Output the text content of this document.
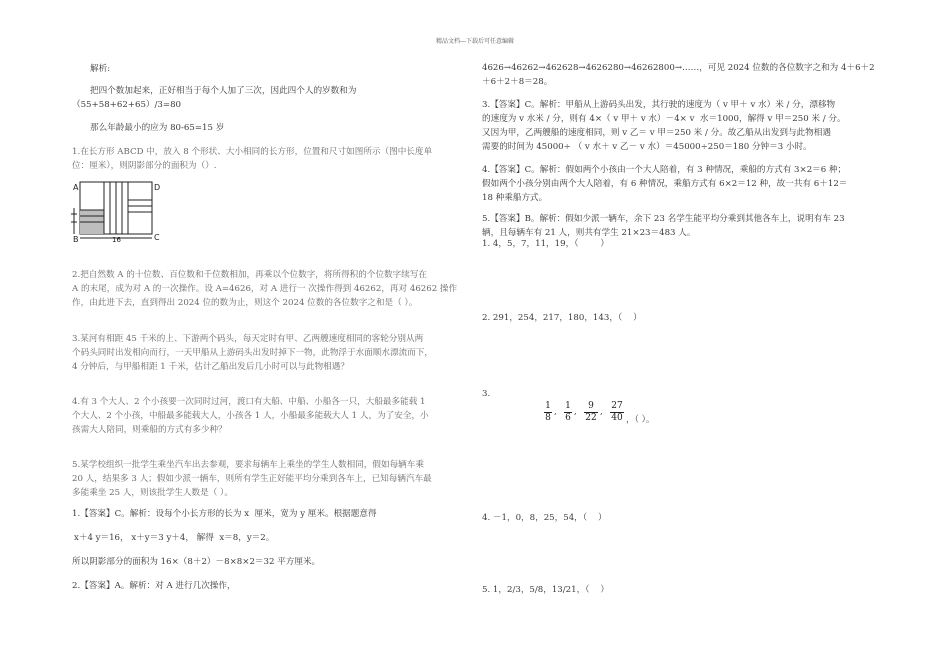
精品文档---下载后可任意编辑
解析:
把四个数加起来，正好相当于每个人加了三次，因此四个人的岁数和为
（55+58+62+65）/3=80
那么年龄最小的应为 80-65=15 岁
1.在长方形 ABCD 中，放入 8 个形状、大小相同的长方形，位置和尺寸如图所示（图中长度单
位：厘米），则阴影部分的面积为（）.
A
B	C
D
16
2.把自然数 A 的十位数、百位数和千位数相加，再乘以个位数字，将所得积的个位数字续写在
A 的末尾，成为对 A 的一次操作。设 A=4626，对 A 进行一 次操作得到 46262，再对 46262 操作
作，由此进下去，直到得出 2024 位的数为止，则这个 2024 位数的各位数字之和是（ ）。
3.某河有相距 45 千米的上、下游两个码头，每天定时有甲、乙两艘速度相同的客轮分别从两
个码头同时出发相向而行，一天甲船从上游码头出发时掉下一物，此物浮于水面顺水漂流而下，
4 分钟后，与甲船相距 1 千米，估计乙船出发后几小时可以与此物相遇？
4.有 3 个大人、2 个小孩要一次同时过河，渡口有大船、中船、小船各一只，大船最多能载 1
个大人、2 个小孩，中船最多能载大人，小孩各 1 人，小船最多能载大人 1 人，为了安全，小
孩需大人陪同，则乘船的方式有多少种？
5.某学校组织一批学生乘坐汽车出去参观，要求每辆车上乘坐的学生人数相同，假如每辆车乘
20 人，结果多 3 人；假如少派一辆车，则所有学生正好能平均分乘到各车上，已知每辆汽车最
多能乘坐 25 人，则该批学生人数是（ ）。
1.【答案】C。解析：设每个小长方形的长为 x  厘米，宽为 y 厘米。根据题意得
x＋4 y＝16， x＋y＝3 y＋4， 解得  x＝8，y＝2。
所以阴影部分的面积为 16×（8＋2）－8×8×2＝32 平方厘米。
2.【答案】A。解析：对 A 进行几次操作，
4626→46262→462628→4626280→46262800→……，可见 2024 位数的各位数字之和为 4＋6＋2
＋6＋2＋8＝28。
3.【答案】C。解析：甲船从上游码头出发，其行驶的速度为（ v 甲＋ v 水）米 / 分，漂移物
的速度为 v 水米 / 分，则有 4×（ v 甲＋ v 水）－4× v  水＝1000，解得 v 甲＝250 米 / 分。
又因为甲，乙两艘船的速度相同，则 v 乙＝ v 甲＝250 米 / 分。故乙船从出发到与此物相遇
需要的时间为 45000÷ （ v 水＋ v 乙－ v 水）＝45000÷250＝180 分钟＝3 小时。
4.【答案】C。解析：假如两个小孩由一个大人陪着，有 3 种情况，乘船的方式有 3×2＝6 种；
假如两个小孩分别由两个大人陪着，有 6 种情况，乘船方式有 6×2＝12 种，故一共有 6＋12＝
18 种乘船方式。
5.【答案】B。解析：假如少派一辆车，余下 23 名学生能平均分乘到其他各车上，说明有车 23
辆，且每辆车有 21 人，则共有学生 21×23＝483 人。
1. 4，5，7，11，19，（        ）
2. 291，254，217，180，143，（    ）
3.
1
8
,
1
6
,
9
22
,
27
40 ，（ ）。
4. －1，0，8，25，54，（    ）
5. 1，2/3，5/8，13/21，（    ）
